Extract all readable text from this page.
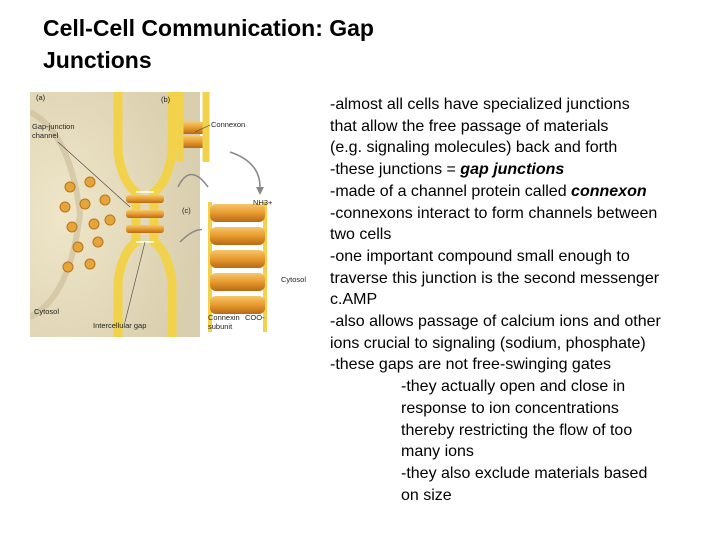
Cell-Cell Communication: Gap
Junctions
(a)	(b)
(c)
Gap-junction
channel
Connexon
NH3+
Cytosol
Cytosol
Intercellular gap
Connexin
subunit
COO-
-almost all cells have specialized junctions
that allow the free passage of materials
(e.g. signaling molecules) back and forth
-these junctions = gap junctions
-made of a channel protein called connexon
-connexons interact to form channels between
two cells
-one important compound small enough to
traverse this junction is the second messenger
c.AMP
-also allows passage of calcium ions and other
ions crucial to signaling (sodium, phosphate)
-these gaps are not free-swinging gates
-they actually open and close in
response to ion concentrations
thereby restricting the flow of too
many ions
-they also exclude materials based
on size
